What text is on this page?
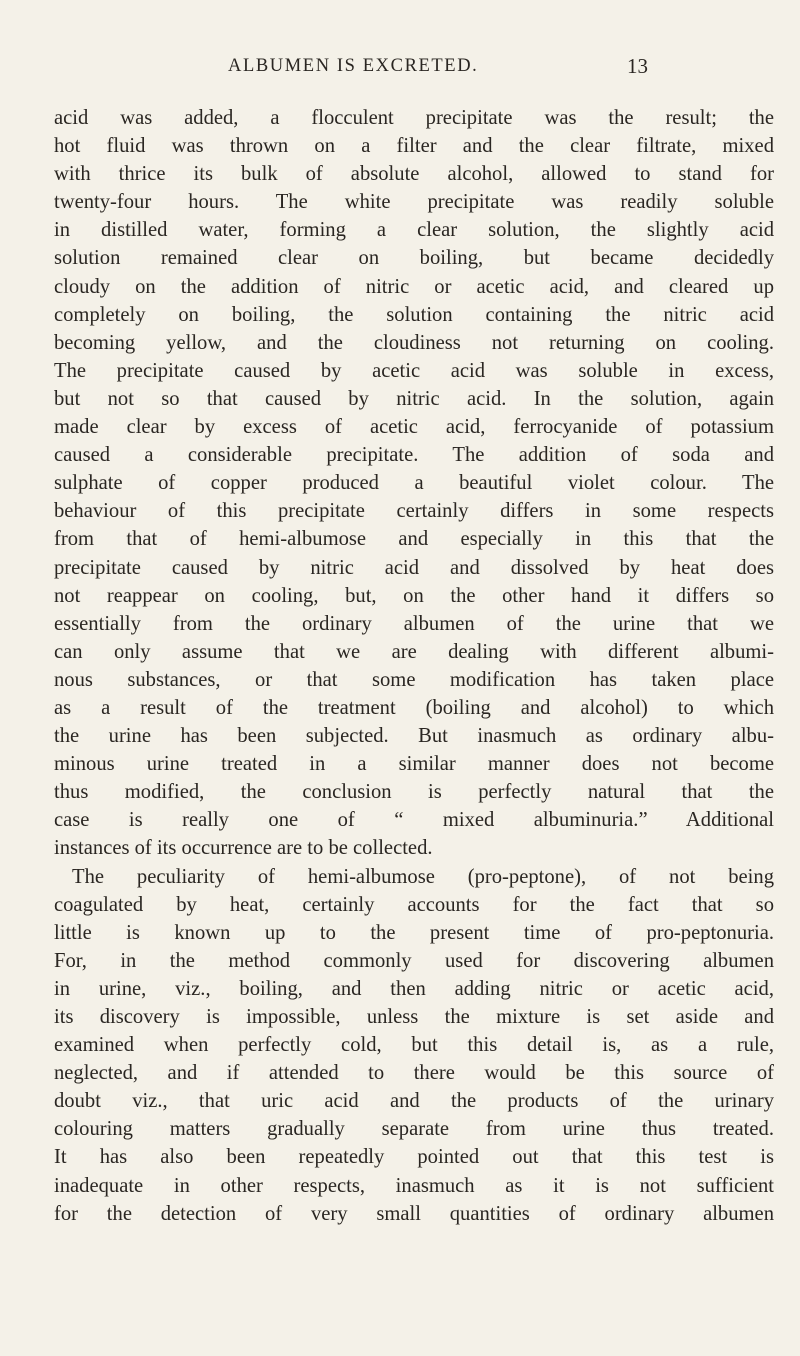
ALBUMEN IS EXCRETED.	13
acid was added, a flocculent precipitate was the result; the
hot fluid was thrown on a filter and the clear filtrate, mixed
with thrice its bulk of absolute alcohol, allowed to stand for
twenty-four hours. The white precipitate was readily soluble
in distilled water, forming a clear solution, the slightly acid
solution remained clear on boiling, but became decidedly
cloudy on the addition of nitric or acetic acid, and cleared up
completely on boiling, the solution containing the nitric acid
becoming yellow, and the cloudiness not returning on cooling.
The precipitate caused by acetic acid was soluble in excess,
but not so that caused by nitric acid. In the solution, again
made clear by excess of acetic acid, ferrocyanide of potassium
caused a considerable precipitate. The addition of soda and
sulphate of copper produced a beautiful violet colour. The
behaviour of this precipitate certainly differs in some respects
from that of hemi-albumose and especially in this that the
precipitate caused by nitric acid and dissolved by heat does
not reappear on cooling, but, on the other hand it differs so
essentially from the ordinary albumen of the urine that we
can only assume that we are dealing with different albumi-
nous substances, or that some modification has taken place
as a result of the treatment (boiling and alcohol) to which
the urine has been subjected. But inasmuch as ordinary albu-
minous urine treated in a similar manner does not become
thus modified, the conclusion is perfectly natural that the
case is really one of “ mixed albuminuria.” Additional
instances of its occurrence are to be collected.
The peculiarity of hemi-albumose (pro-peptone), of not being
coagulated by heat, certainly accounts for the fact that so
little is known up to the present time of pro-peptonuria.
For, in the method commonly used for discovering albumen
in urine, viz., boiling, and then adding nitric or acetic acid,
its discovery is impossible, unless the mixture is set aside and
examined when perfectly cold, but this detail is, as a rule,
neglected, and if attended to there would be this source of
doubt viz., that uric acid and the products of the urinary
colouring matters gradually separate from urine thus treated.
It has also been repeatedly pointed out that this test is
inadequate in other respects, inasmuch as it is not sufficient
for the detection of very small quantities of ordinary albumen
